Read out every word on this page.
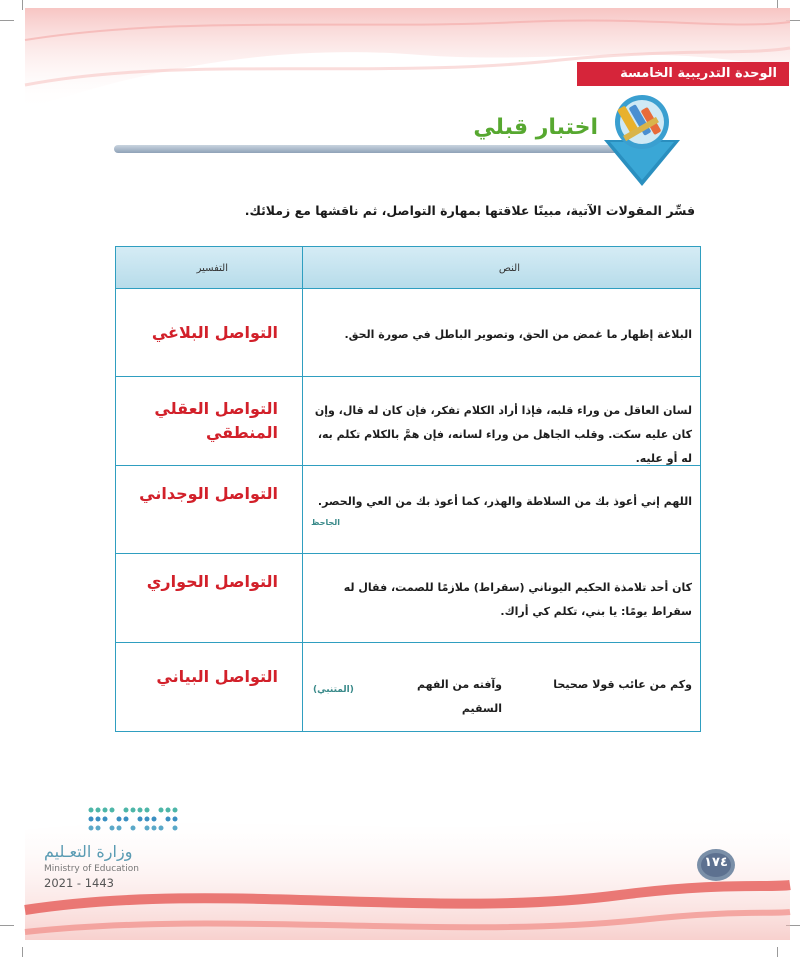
الوحدة التدريبية الخامسة
اختبار قبلي
فسِّر المقولات الآتية، مبينًا علاقتها بمهارة التواصل، ثم ناقشها مع زملائك.
النص
التفسير
البلاغة إظهار ما غمض من الحق، وتصوير الباطل في صورة الحق.
التواصل البلاغي
لسان العاقل من وراء قلبه، فإذا أراد الكلام تفكر، فإن كان له قال، وإن كان عليه سكت. وقلب الجاهل من وراء لسانه، فإن همَّ بالكلام تكلم به، له أو عليه.
التواصل العقلي المنطقي
اللهم إني أعوذ بك من السلاطة والهذر، كما أعوذ بك من العي والحصر.
الجاحظ
التواصل الوجداني
كان أحد تلامذة الحكيم اليوناني (سقراط) ملازمًا للصمت، فقال له سقراط يومًا: يا بني، تكلم كي أراك.
التواصل الحواري
وكم من عائب قولا صحيحا
وآفته من الفهم السقيم
(المتنبي)
التواصل البياني
وزارة التعـليم
Ministry of Education
2021 - 1443
١٧٤
